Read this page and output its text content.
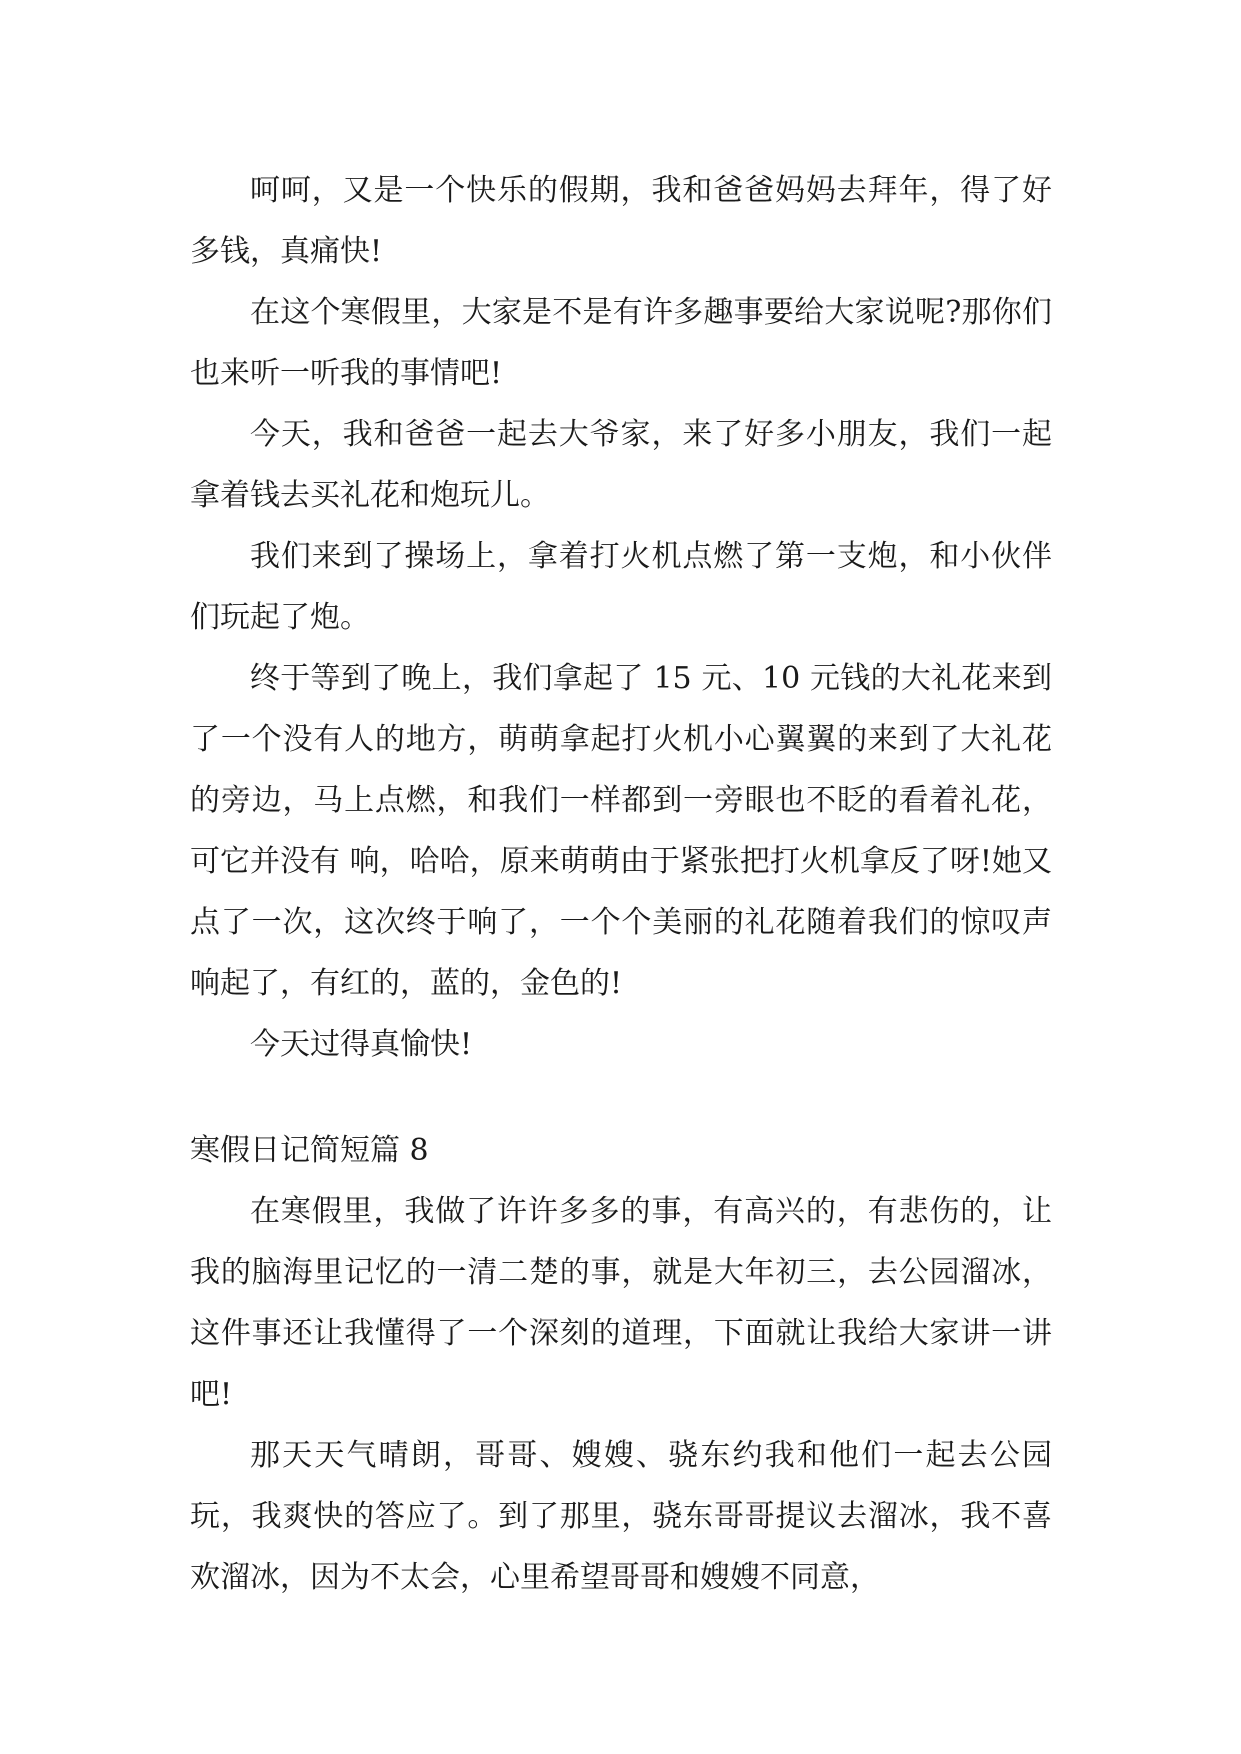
呵呵，又是一个快乐的假期，我和爸爸妈妈去拜年，得了好多钱，真痛快!

在这个寒假里，大家是不是有许多趣事要给大家说呢?那你们也来听一听我的事情吧!

今天，我和爸爸一起去大爷家，来了好多小朋友，我们一起拿着钱去买礼花和炮玩儿。

我们来到了操场上，拿着打火机点燃了第一支炮，和小伙伴们玩起了炮。

终于等到了晚上，我们拿起了 15 元、10 元钱的大礼花来到了一个没有人的地方，萌萌拿起打火机小心翼翼的来到了大礼花的旁边，马上点燃，和我们一样都到一旁眼也不眨的看着礼花，可它并没有 响，哈哈，原来萌萌由于紧张把打火机拿反了呀!她又点了一次，这次终于响了，一个个美丽的礼花随着我们的惊叹声响起了，有红的，蓝的，金色的!

今天过得真愉快!

寒假日记简短篇 8

在寒假里，我做了许许多多的事，有高兴的，有悲伤的，让我的脑海里记忆的一清二楚的事，就是大年初三，去公园溜冰，这件事还让我懂得了一个深刻的道理，下面就让我给大家讲一讲吧!

那天天气晴朗，哥哥、嫂嫂、骁东约我和他们一起去公园玩，我爽快的答应了。到了那里，骁东哥哥提议去溜冰，我不喜欢溜冰，因为不太会，心里希望哥哥和嫂嫂不同意，
